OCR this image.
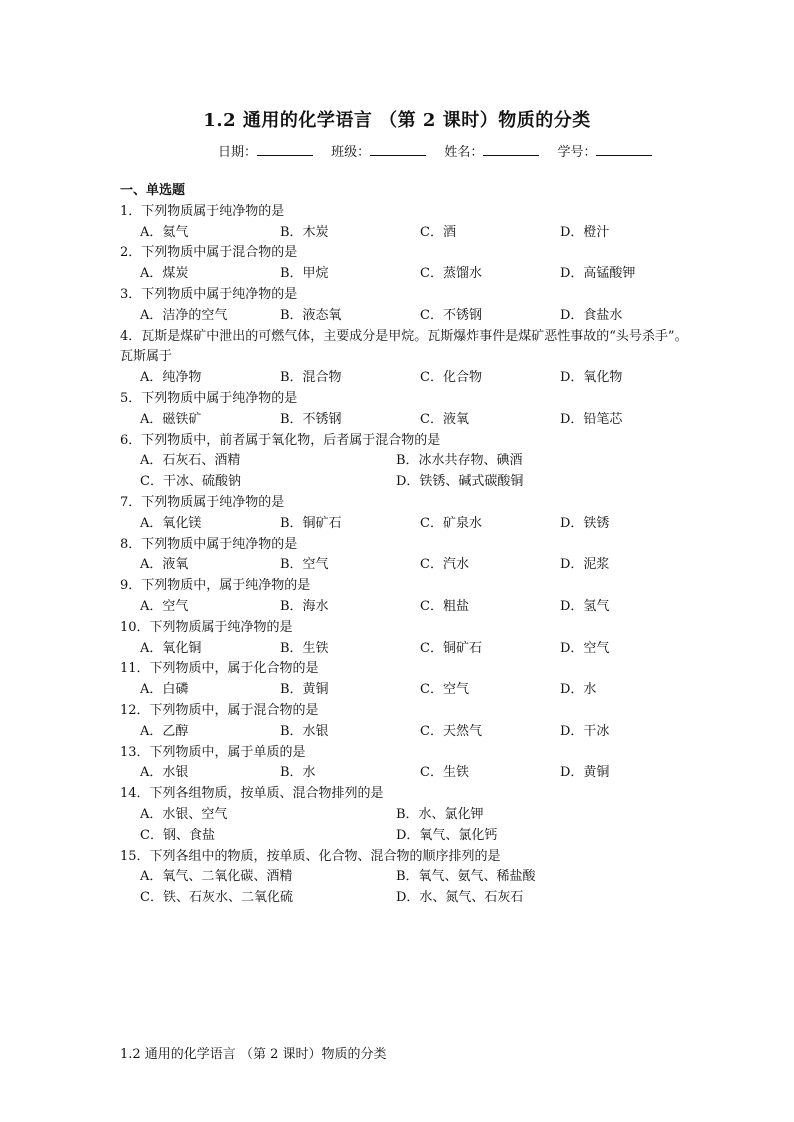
1.2 通用的化学语言 （第 2 课时）物质的分类
日期：	班级：	姓名：	学号：
一、单选题
1．下列物质属于纯净物的是
A．氦气	B．木炭	C．酒	D．橙汁
2．下列物质中属于混合物的是
A．煤炭	B．甲烷	C．蒸馏水	D．高锰酸钾
3．下列物质中属于纯净物的是
A．洁净的空气	B．液态氧	C．不锈钢	D．食盐水
4．瓦斯是煤矿中泄出的可燃气体，主要成分是甲烷。瓦斯爆炸事件是煤矿恶性事故的“头号杀手”。瓦斯属于
A．纯净物	B．混合物	C．化合物	D．氧化物
5．下列物质中属于纯净物的是
A．磁铁矿	B．不锈钢	C．液氧	D．铅笔芯
6．下列物质中，前者属于氧化物，后者属于混合物的是
A．石灰石、酒精	B．冰水共存物、碘酒
C．干冰、硫酸钠	D．铁锈、碱式碳酸铜
7．下列物质属于纯净物的是
A．氧化镁	B．铜矿石	C．矿泉水	D．铁锈
8．下列物质中属于纯净物的是
A．液氧	B．空气	C．汽水	D．泥浆
9．下列物质中，属于纯净物的是
A．空气	B．海水	C．粗盐	D．氢气
10．下列物质属于纯净物的是
A．氧化铜	B．生铁	C．铜矿石	D．空气
11．下列物质中，属于化合物的是
A．白磷	B．黄铜	C．空气	D．水
12．下列物质中，属于混合物的是
A．乙醇	B．水银	C．天然气	D．干冰
13．下列物质中，属于单质的是
A．水银	B．水	C．生铁	D．黄铜
14．下列各组物质，按单质、混合物排列的是
A．水银、空气	B．水、氯化钾
C．钢、食盐	D．氧气、氯化钙
15．下列各组中的物质，按单质、化合物、混合物的顺序排列的是
A．氧气、二氧化碳、酒精	B．氧气、氨气、稀盐酸
C．铁、石灰水、二氧化硫	D．水、氮气、石灰石
1.2 通用的化学语言 （第 2 课时）物质的分类
